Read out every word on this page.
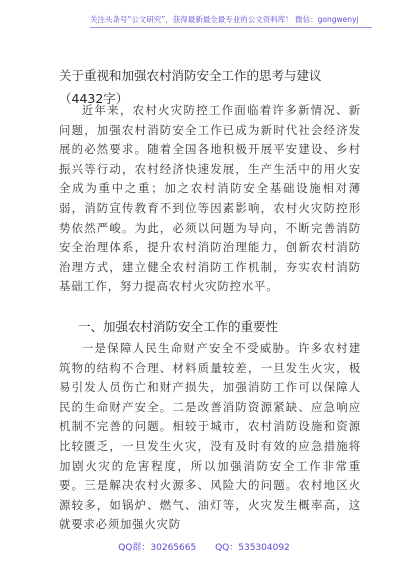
关注头条号“公文研究”，获得最新最全最专业的公文资料库！ 微信：gongwenyj
关于重视和加强农村消防安全工作的思考与建议（4432字）

近年来，农村火灾防控工作面临着许多新情况、新问题，加强农村消防安全工作已成为新时代社会经济发展的必然要求。随着全国各地积极开展平安建设、乡村振兴等行动，农村经济快速发展，生产生活中的用火安全成为重中之重；加之农村消防安全基础设施相对薄弱，消防宣传教育不到位等因素影响，农村火灾防控形势依然严峻。为此，必须以问题为导向，不断完善消防安全治理体系，提升农村消防治理能力，创新农村消防治理方式，建立健全农村消防工作机制，夯实农村消防基础工作，努力提高农村火灾防控水平。

一、加强农村消防安全工作的重要性

一是保障人民生命财产安全不受威胁。许多农村建筑物的结构不合理、材料质量较差，一旦发生火灾，极易引发人员伤亡和财产损失，加强消防工作可以保障人民的生命财产安全。二是改善消防资源紧缺、应急响应机制不完善的问题。相较于城市，农村消防设施和资源比较匮乏，一旦发生火灾，没有及时有效的应急措施将加剧火灾的危害程度，所以加强消防安全工作非常重要。三是解决农村火源多、风险大的问题。农村地区火源较多，如锅炉、燃气、油灯等，火灾发生概率高，这就要求必须加强火灾防

QQ群：30265665 QQ：535304092
